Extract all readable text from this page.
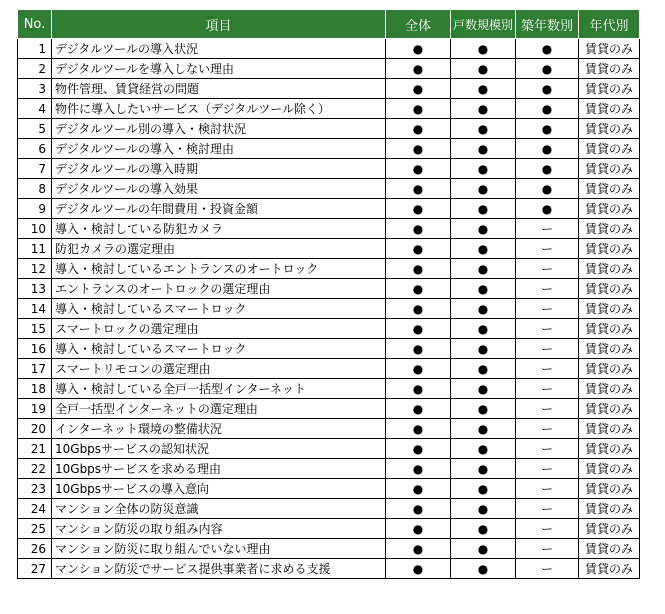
No.	項目	全体	戸数規模別	築年数別	年代別
1	デジタルツールの導入状況	●	●	●	賃貸のみ
2	デジタルツールを導入しない理由	●	●	●	賃貸のみ
3	物件管理、賃貸経営の問題	●	●	●	賃貸のみ
4	物件に導入したいサービス（デジタルツール除く）	●	●	●	賃貸のみ
5	デジタルツール別の導入・検討状況	●	●	●	賃貸のみ
6	デジタルツールの導入・検討理由	●	●	●	賃貸のみ
7	デジタルツールの導入時期	●	●	●	賃貸のみ
8	デジタルツールの導入効果	●	●	●	賃貸のみ
9	デジタルツールの年間費用・投資金額	●	●	●	賃貸のみ
10	導入・検討している防犯カメラ	●	●	ー	賃貸のみ
11	防犯カメラの選定理由	●	●	ー	賃貸のみ
12	導入・検討しているエントランスのオートロック	●	●	ー	賃貸のみ
13	エントランスのオートロックの選定理由	●	●	ー	賃貸のみ
14	導入・検討しているスマートロック	●	●	ー	賃貸のみ
15	スマートロックの選定理由	●	●	ー	賃貸のみ
16	導入・検討しているスマートロック	●	●	ー	賃貸のみ
17	スマートリモコンの選定理由	●	●	ー	賃貸のみ
18	導入・検討している全戸一括型インターネット	●	●	ー	賃貸のみ
19	全戸一括型インターネットの選定理由	●	●	ー	賃貸のみ
20	インターネット環境の整備状況	●	●	ー	賃貸のみ
21	10Gbpsサービスの認知状況	●	●	ー	賃貸のみ
22	10Gbpsサービスを求める理由	●	●	ー	賃貸のみ
23	10Gbpsサービスの導入意向	●	●	ー	賃貸のみ
24	マンション全体の防災意識	●	●	ー	賃貸のみ
25	マンション防災の取り組み内容	●	●	ー	賃貸のみ
26	マンション防災に取り組んでいない理由	●	●	ー	賃貸のみ
27	マンション防災でサービス提供事業者に求める支援	●	●	ー	賃貸のみ
